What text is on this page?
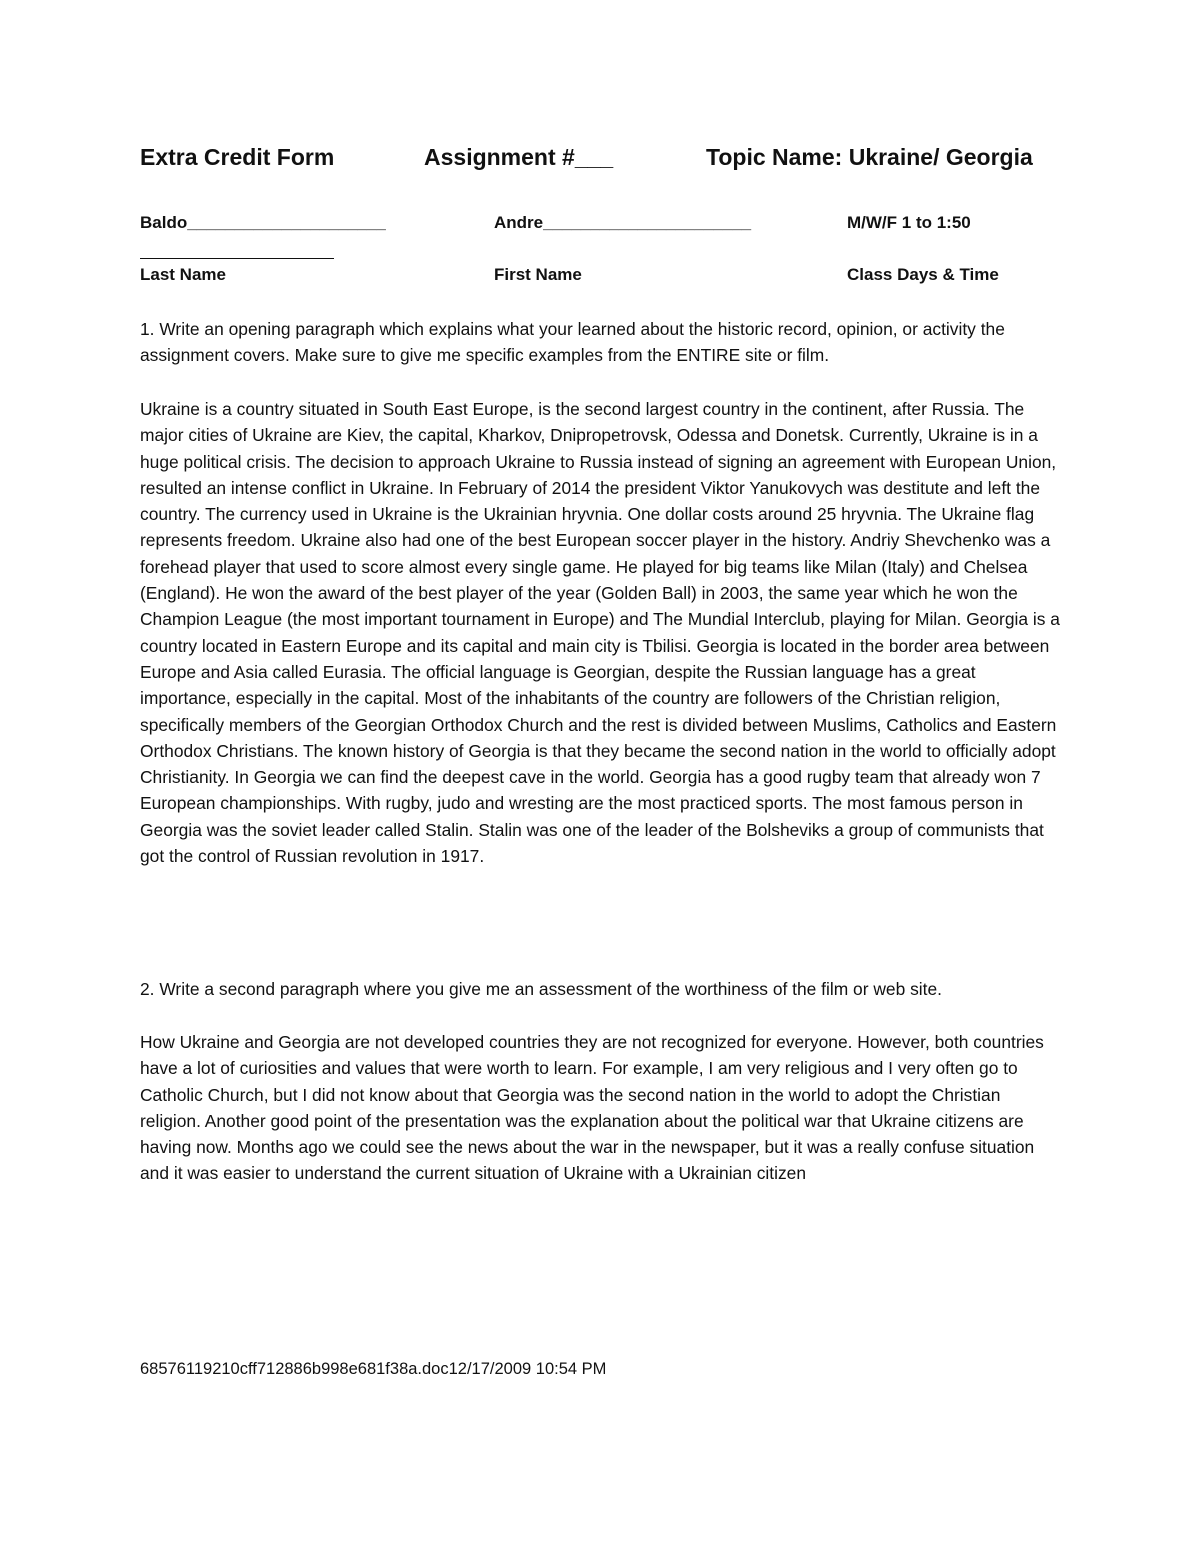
Extra Credit Form	Assignment #___	Topic Name: Ukraine/ Georgia
Baldo_____________________	Andre______________________	M/W/F 1 to 1:50
Last Name	First Name	Class Days & Time

1. Write an opening paragraph which explains what your learned about the historic record, opinion, or activity the assignment covers. Make sure to give me specific examples from the ENTIRE site or film.

Ukraine is a country situated in South East Europe, is the second largest country in the continent, after Russia. The major cities of Ukraine are Kiev, the capital, Kharkov, Dnipropetrovsk, Odessa and Donetsk. Currently, Ukraine is in a huge political crisis. The decision to approach Ukraine to Russia instead of signing an agreement with European Union, resulted an intense conflict in Ukraine. In February of 2014 the president Viktor Yanukovych was destitute and left the country. The currency used in Ukraine is the Ukrainian hryvnia. One dollar costs around 25 hryvnia. The Ukraine flag represents freedom. Ukraine also had one of the best European soccer player in the history. Andriy Shevchenko was a forehead player that used to score almost every single game. He played for big teams like Milan (Italy) and Chelsea (England). He won the award of the best player of the year (Golden Ball) in 2003, the same year which he won the Champion League (the most important tournament in Europe) and The Mundial Interclub, playing for Milan. Georgia is a country located in Eastern Europe and its capital and main city is Tbilisi. Georgia is located in the border area between Europe and Asia called Eurasia. The official language is Georgian, despite the Russian language has a great importance, especially in the capital. Most of the inhabitants of the country are followers of the Christian religion, specifically members of the Georgian Orthodox Church and the rest is divided between Muslims, Catholics and Eastern Orthodox Christians. The known history of Georgia is that they became the second nation in the world to officially adopt Christianity. In Georgia we can find the deepest cave in the world. Georgia has a good rugby team that already won 7 European championships. With rugby, judo and wresting are the most practiced sports. The most famous person in Georgia was the soviet leader called Stalin. Stalin was one of the leader of the Bolsheviks a group of communists that got the control of Russian revolution in 1917.

2. Write a second paragraph where you give me an assessment of the worthiness of the film or web site.

How Ukraine and Georgia are not developed countries they are not recognized for everyone. However, both countries have a lot of curiosities and values that were worth to learn. For example, I am very religious and I very often go to Catholic Church, but I did not know about that Georgia was the second nation in the world to adopt the Christian religion. Another good point of the presentation was the explanation about the political war that Ukraine citizens are having now. Months ago we could see the news about the war in the newspaper, but it was a really confuse situation and it was easier to understand the current situation of Ukraine with a Ukrainian citizen

68576119210cff712886b998e681f38a.doc12/17/2009 10:54 PM
